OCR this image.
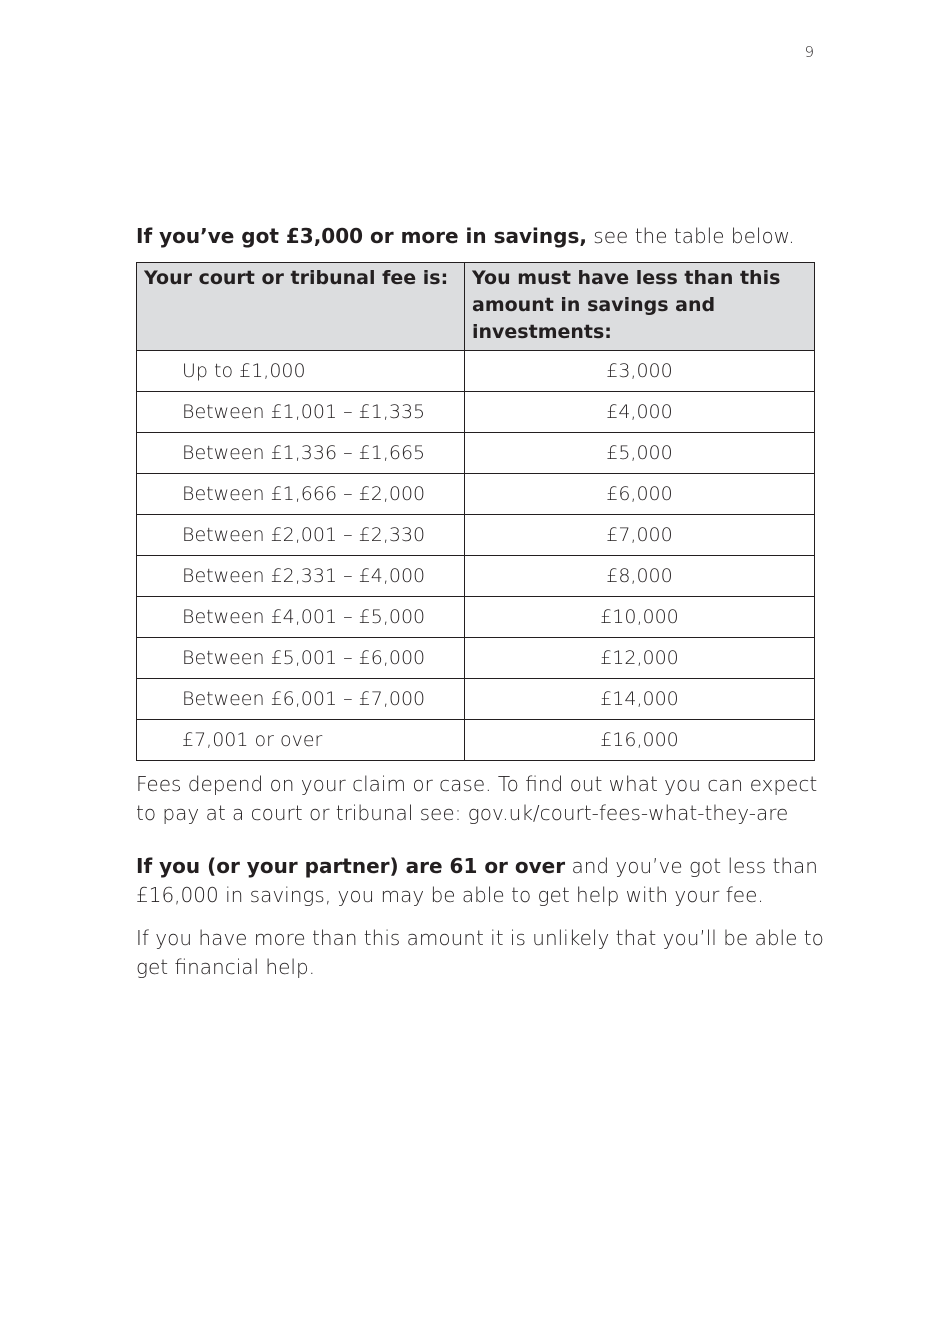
9

If you’ve got £3,000 or more in savings, see the table below.

Your court or tribunal fee is:	You must have less than this amount in savings and investments:
Up to £1,000	£3,000
Between £1,001 – £1,335	£4,000
Between £1,336 – £1,665	£5,000
Between £1,666 – £2,000	£6,000
Between £2,001 – £2,330	£7,000
Between £2,331 – £4,000	£8,000
Between £4,001 – £5,000	£10,000
Between £5,001 – £6,000	£12,000
Between £6,001 – £7,000	£14,000
£7,001 or over	£16,000

Fees depend on your claim or case. To find out what you can expect to pay at a court or tribunal see: gov.uk/court-fees-what-they-are

If you (or your partner) are 61 or over and you’ve got less than £16,000 in savings, you may be able to get help with your fee.

If you have more than this amount it is unlikely that you’ll be able to get financial help.
